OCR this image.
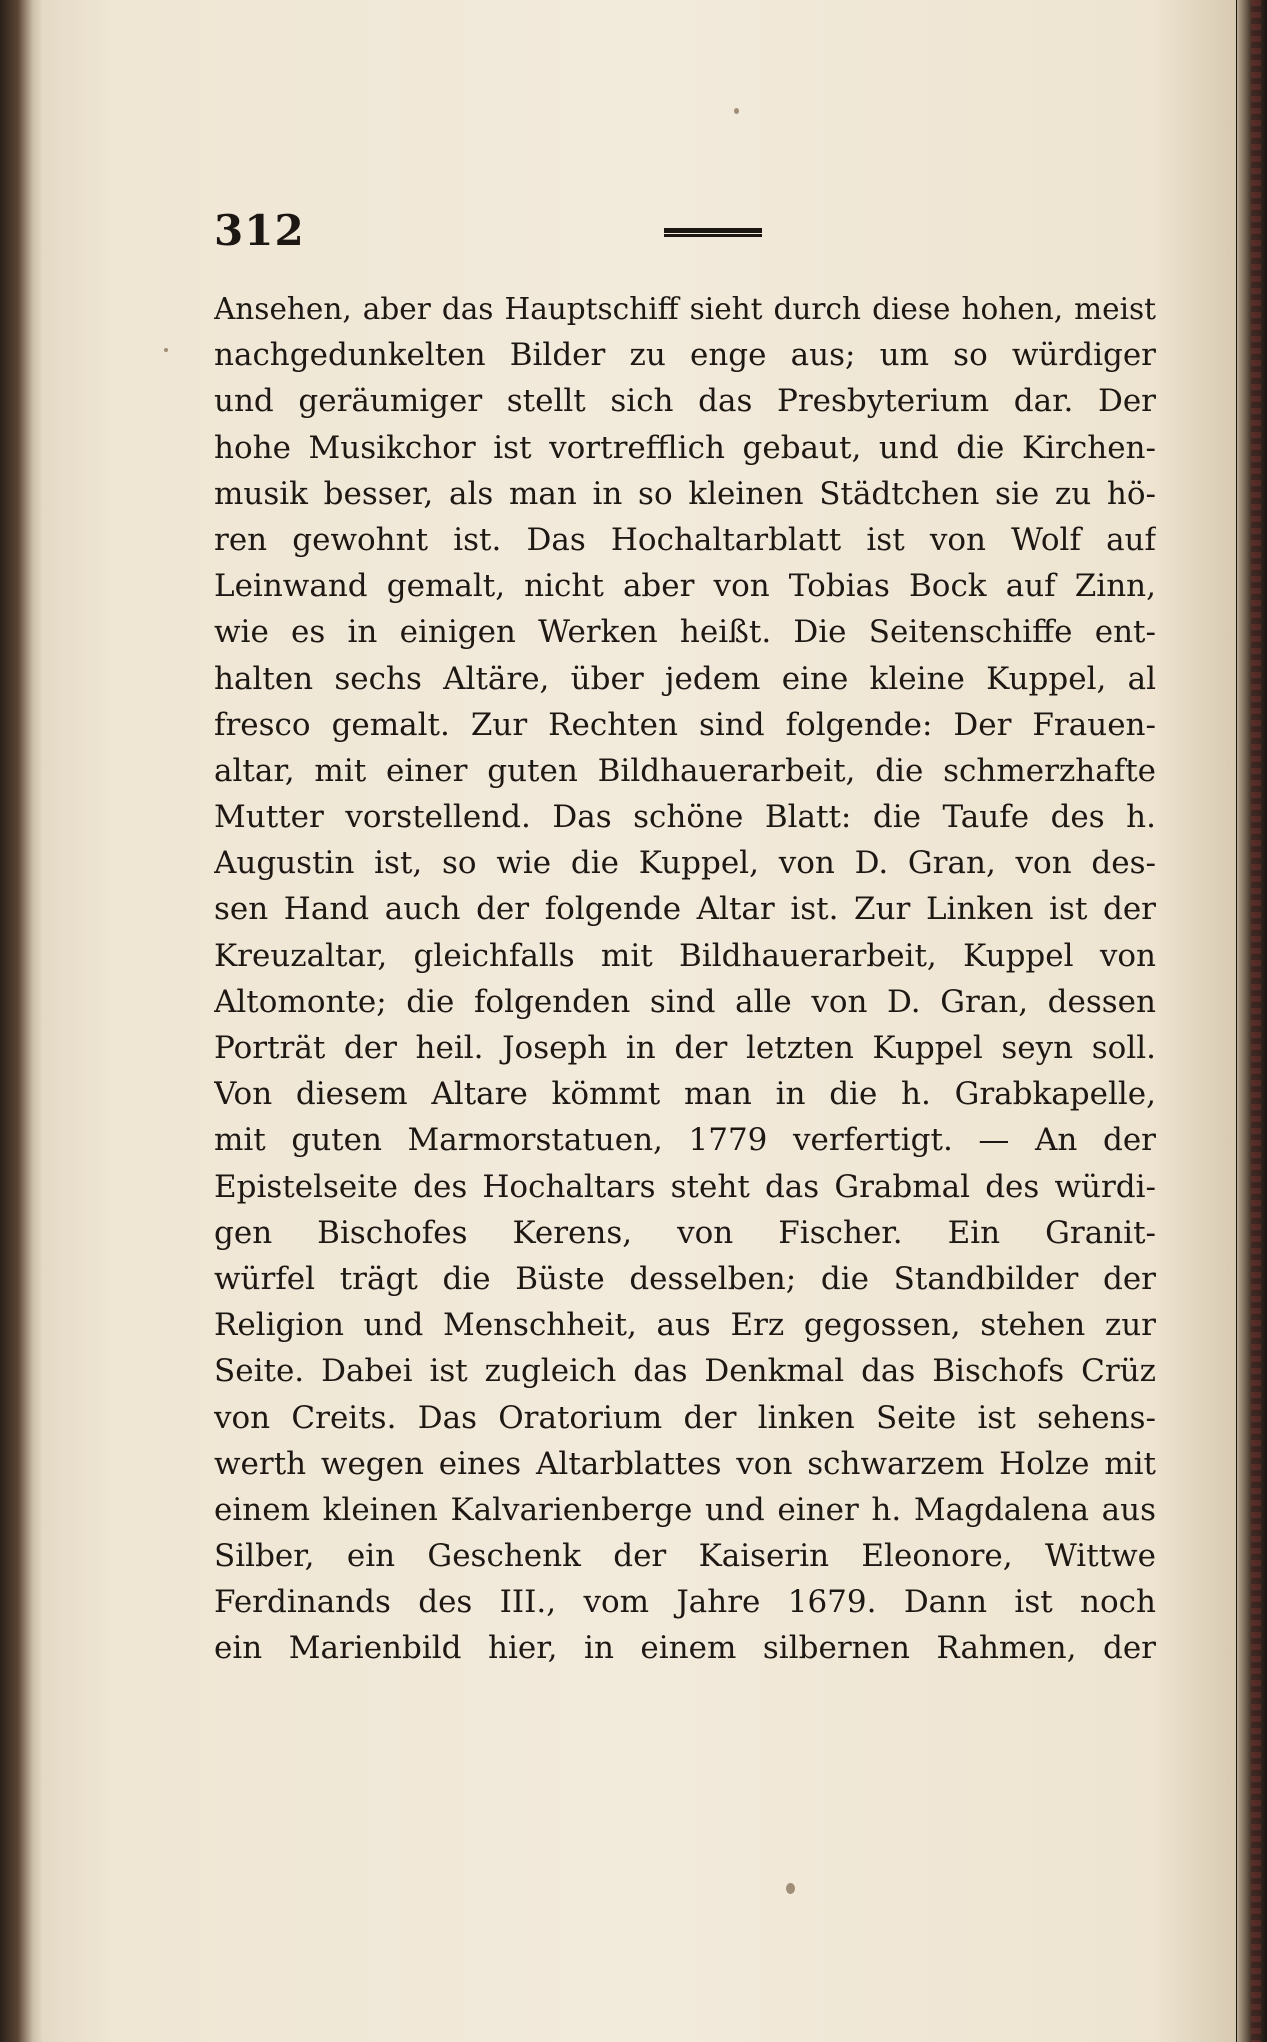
312
Ansehen, aber das Hauptschiff sieht durch diese hohen, meist
nachgedunkelten Bilder zu enge aus; um so würdiger
und geräumiger stellt sich das Presbyterium dar. Der
hohe Musikchor ist vortrefflich gebaut, und die Kirchen-
musik besser, als man in so kleinen Städtchen sie zu hö-
ren gewohnt ist. Das Hochaltarblatt ist von Wolf auf
Leinwand gemalt, nicht aber von Tobias Bock auf Zinn,
wie es in einigen Werken heißt. Die Seitenschiffe ent-
halten sechs Altäre, über jedem eine kleine Kuppel, al
fresco gemalt. Zur Rechten sind folgende: Der Frauen-
altar, mit einer guten Bildhauerarbeit, die schmerzhafte
Mutter vorstellend. Das schöne Blatt: die Taufe des h.
Augustin ist, so wie die Kuppel, von D. Gran, von des-
sen Hand auch der folgende Altar ist. Zur Linken ist der
Kreuzaltar, gleichfalls mit Bildhauerarbeit, Kuppel von
Altomonte; die folgenden sind alle von D. Gran, dessen
Porträt der heil. Joseph in der letzten Kuppel seyn soll.
Von diesem Altare kömmt man in die h. Grabkapelle,
mit guten Marmorstatuen, 1779 verfertigt. — An der
Epistelseite des Hochaltars steht das Grabmal des würdi-
gen Bischofes Kerens, von Fischer. Ein Granit-
würfel trägt die Büste desselben; die Standbilder der
Religion und Menschheit, aus Erz gegossen, stehen zur
Seite. Dabei ist zugleich das Denkmal das Bischofs Crüz
von Creits. Das Oratorium der linken Seite ist sehens-
werth wegen eines Altarblattes von schwarzem Holze mit
einem kleinen Kalvarienberge und einer h. Magdalena aus
Silber, ein Geschenk der Kaiserin Eleonore, Wittwe
Ferdinands des III., vom Jahre 1679. Dann ist noch
ein Marienbild hier, in einem silbernen Rahmen, der
